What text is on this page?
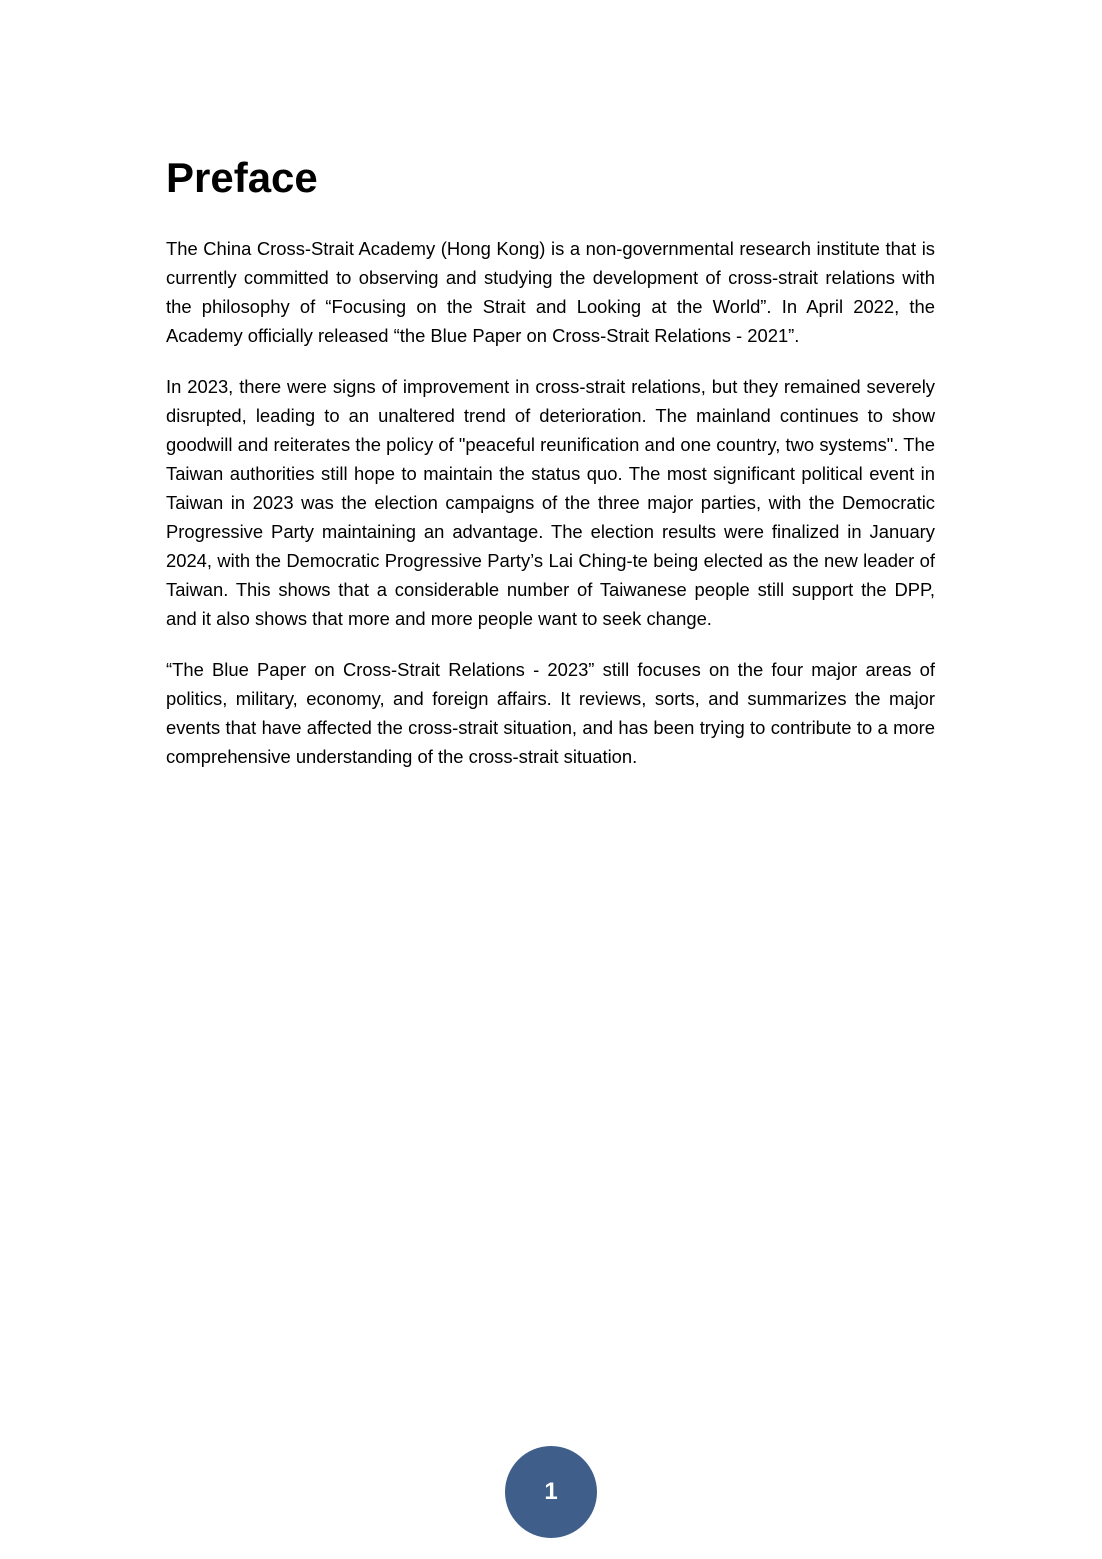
Preface

The China Cross-Strait Academy (Hong Kong) is a non-governmental research institute that is currently committed to observing and studying the development of cross-strait relations with the philosophy of “Focusing on the Strait and Looking at the World”. In April 2022, the Academy officially released “the Blue Paper on Cross-Strait Relations - 2021”.

In 2023, there were signs of improvement in cross-strait relations, but they remained severely disrupted, leading to an unaltered trend of deterioration. The mainland continues to show goodwill and reiterates the policy of "peaceful reunification and one country, two systems". The Taiwan authorities still hope to maintain the status quo. The most significant political event in Taiwan in 2023 was the election campaigns of the three major parties, with the Democratic Progressive Party maintaining an advantage. The election results were finalized in January 2024, with the Democratic Progressive Party’s Lai Ching-te being elected as the new leader of Taiwan. This shows that a considerable number of Taiwanese people still support the DPP, and it also shows that more and more people want to seek change.

“The Blue Paper on Cross-Strait Relations - 2023” still focuses on the four major areas of politics, military, economy, and foreign affairs. It reviews, sorts, and summarizes the major events that have affected the cross-strait situation, and has been trying to contribute to a more comprehensive understanding of the cross-strait situation.

1
